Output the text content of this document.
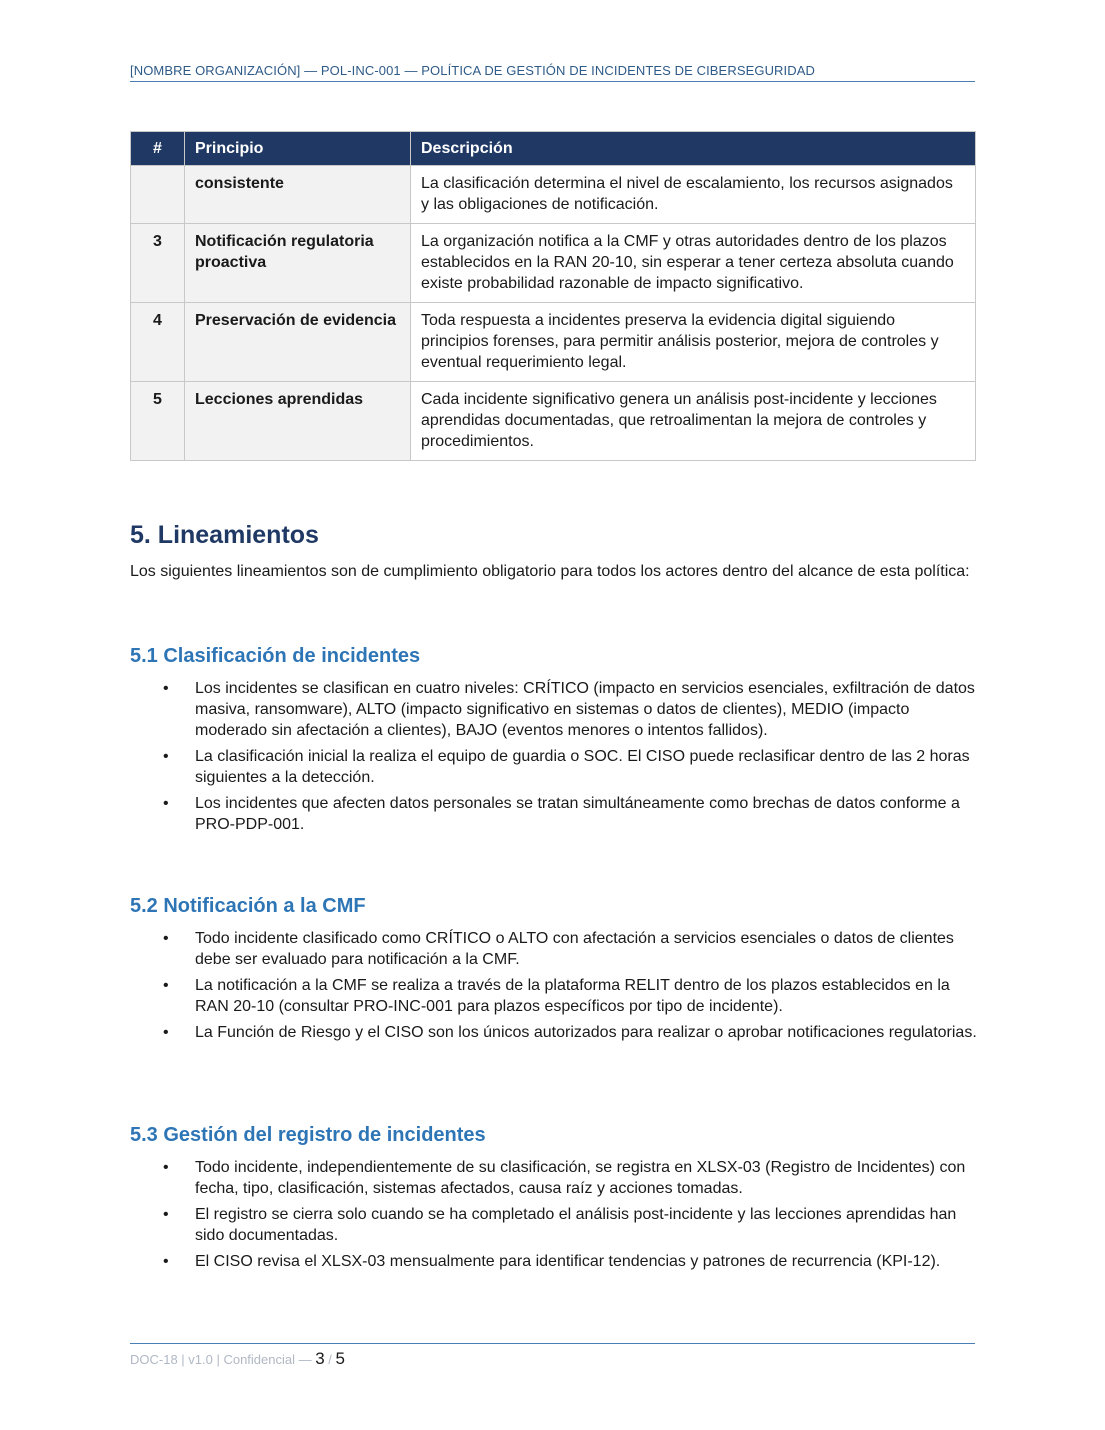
[NOMBRE ORGANIZACIÓN] — POL-INC-001 — POLÍTICA DE GESTIÓN DE INCIDENTES DE CIBERSEGURIDAD
#	Principio	Descripción
	consistente	La clasificación determina el nivel de escalamiento, los recursos asignados y las obligaciones de notificación.
3	Notificación regulatoria proactiva	La organización notifica a la CMF y otras autoridades dentro de los plazos establecidos en la RAN 20-10, sin esperar a tener certeza absoluta cuando existe probabilidad razonable de impacto significativo.
4	Preservación de evidencia	Toda respuesta a incidentes preserva la evidencia digital siguiendo principios forenses, para permitir análisis posterior, mejora de controles y eventual requerimiento legal.
5	Lecciones aprendidas	Cada incidente significativo genera un análisis post-incidente y lecciones aprendidas documentadas, que retroalimentan la mejora de controles y procedimientos.
5. Lineamientos

Los siguientes lineamientos son de cumplimiento obligatorio para todos los actores dentro del alcance de esta política:

5.1 Clasificación de incidentes
• Los incidentes se clasifican en cuatro niveles: CRÍTICO (impacto en servicios esenciales, exfiltración de datos masiva, ransomware), ALTO (impacto significativo en sistemas o datos de clientes), MEDIO (impacto moderado sin afectación a clientes), BAJO (eventos menores o intentos fallidos).
• La clasificación inicial la realiza el equipo de guardia o SOC. El CISO puede reclasificar dentro de las 2 horas siguientes a la detección.
• Los incidentes que afecten datos personales se tratan simultáneamente como brechas de datos conforme a PRO-PDP-001.
5.2 Notificación a la CMF
• Todo incidente clasificado como CRÍTICO o ALTO con afectación a servicios esenciales o datos de clientes debe ser evaluado para notificación a la CMF.
• La notificación a la CMF se realiza a través de la plataforma RELIT dentro de los plazos establecidos en la RAN 20-10 (consultar PRO-INC-001 para plazos específicos por tipo de incidente).
• La Función de Riesgo y el CISO son los únicos autorizados para realizar o aprobar notificaciones regulatorias.
5.3 Gestión del registro de incidentes
• Todo incidente, independientemente de su clasificación, se registra en XLSX-03 (Registro de Incidentes) con fecha, tipo, clasificación, sistemas afectados, causa raíz y acciones tomadas.
• El registro se cierra solo cuando se ha completado el análisis post-incidente y las lecciones aprendidas han sido documentadas.
• El CISO revisa el XLSX-03 mensualmente para identificar tendencias y patrones de recurrencia (KPI-12).
DOC-18 | v1.0 | Confidencial — 3 / 5
